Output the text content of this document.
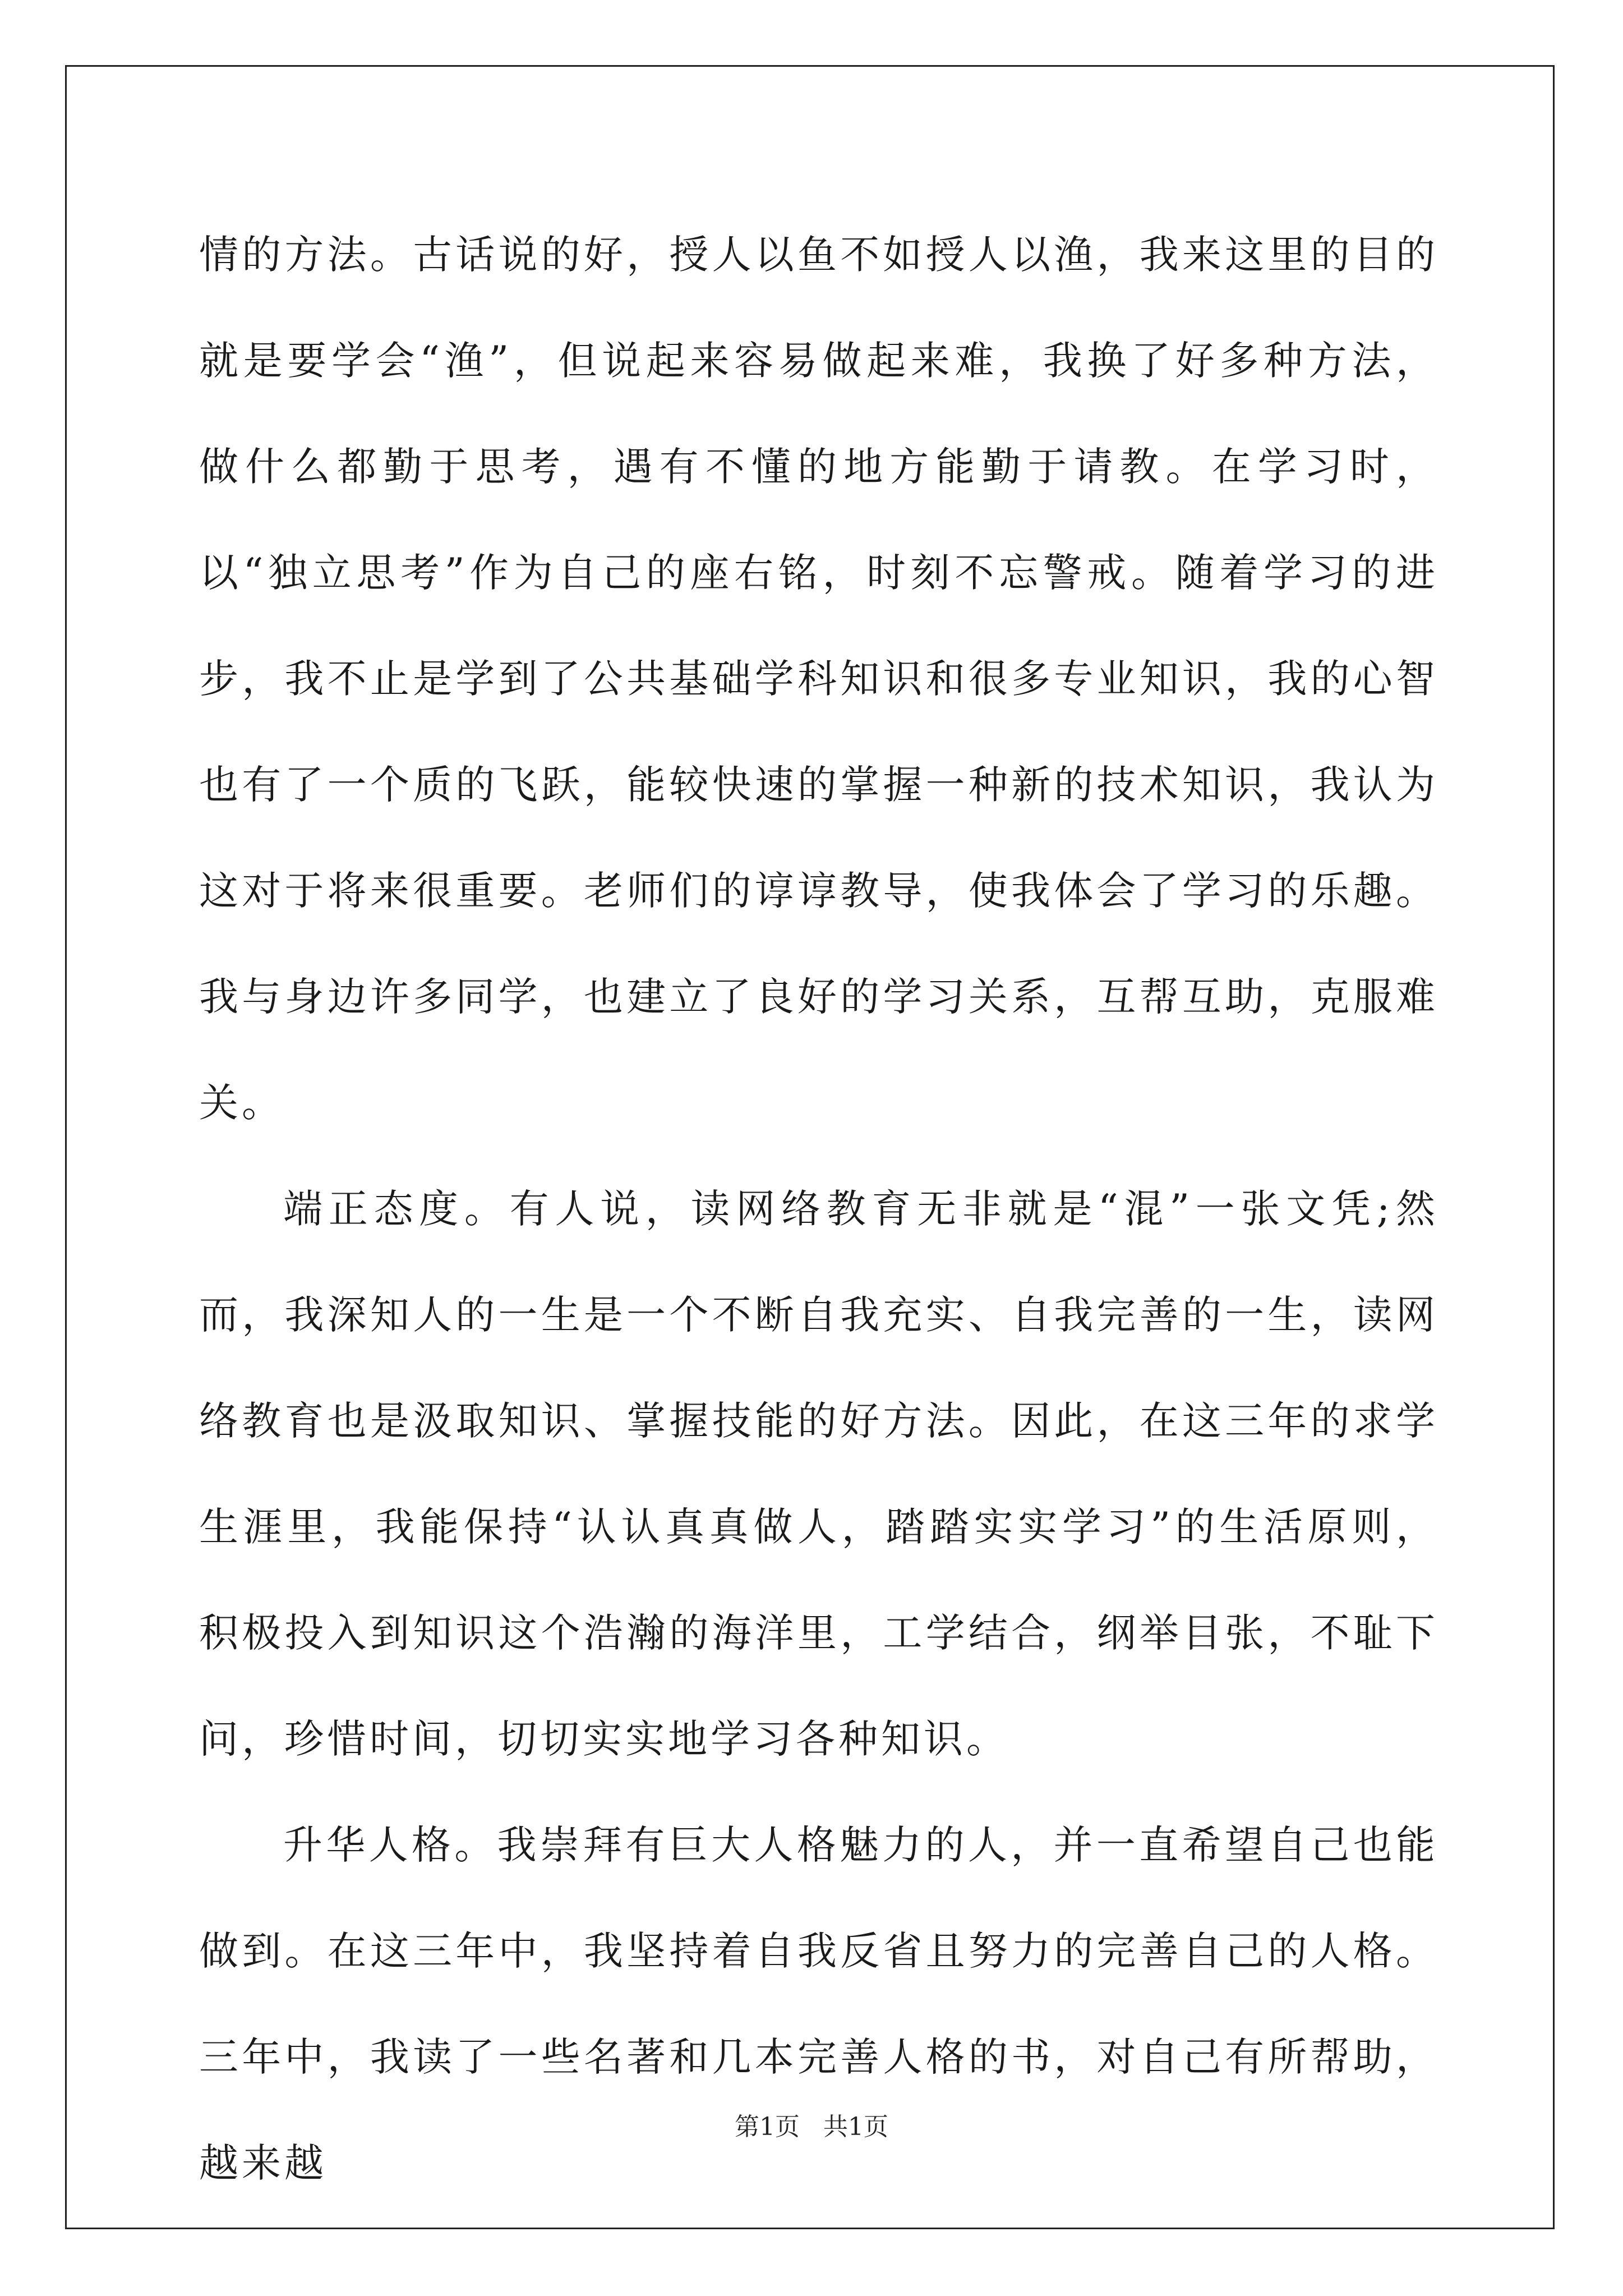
情的方法。古话说的好，授人以鱼不如授人以渔，我来这里的目的就是要学会“渔”，但说起来容易做起来难，我换了好多种方法，做什么都勤于思考，遇有不懂的地方能勤于请教。在学习时，以“独立思考”作为自己的座右铭，时刻不忘警戒。随着学习的进步，我不止是学到了公共基础学科知识和很多专业知识，我的心智也有了一个质的飞跃，能较快速的掌握一种新的技术知识，我认为这对于将来很重要。老师们的谆谆教导，使我体会了学习的乐趣。我与身边许多同学，也建立了良好的学习关系，互帮互助，克服难关。

端正态度。有人说，读网络教育无非就是“混”一张文凭;然而，我深知人的一生是一个不断自我充实、自我完善的一生，读网络教育也是汲取知识、掌握技能的好方法。因此，在这三年的求学生涯里，我能保持“认认真真做人，踏踏实实学习”的生活原则，积极投入到知识这个浩瀚的海洋里，工学结合，纲举目张，不耻下问，珍惜时间，切切实实地学习各种知识。

升华人格。我崇拜有巨大人格魅力的人，并一直希望自己也能做到。在这三年中，我坚持着自我反省且努力的完善自己的人格。三年中，我读了一些名著和几本完善人格的书，对自己有所帮助，越来越

第1页 共1页
